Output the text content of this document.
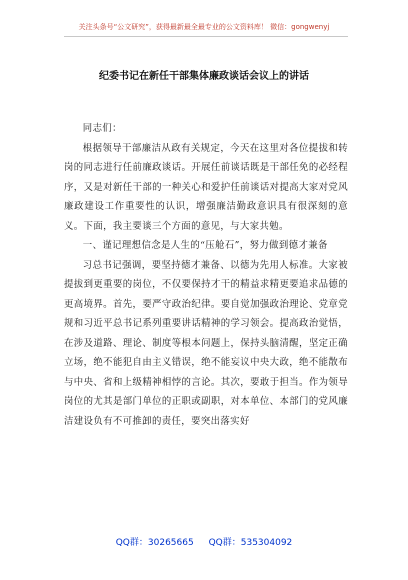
关注头条号“公文研究”，获得最新最全最专业的公文资料库！ 微信：gongwenyj
纪委书记在新任干部集体廉政谈话会议上的讲话

同志们：

根据领导干部廉洁从政有关规定，今天在这里对各位提拔和转岗的同志进行任前廉政谈话。开展任前谈话既是干部任免的必经程序，又是对新任干部的一种关心和爱护任前谈话对提高大家对党风廉政建设工作重要性的认识，增强廉洁勤政意识具有很深刻的意义。下面，我主要谈三个方面的意见，与大家共勉。

一、谨记理想信念是人生的“压舱石”，努力做到德才兼备

习总书记强调，要坚持德才兼备、以德为先用人标准。大家被提拔到更重要的岗位，不仅要保持才干的精益求精更要追求品德的更高境界。首先，要严守政治纪律。要自觉加强政治理论、党章党规和习近平总书记系列重要讲话精神的学习领会。提高政治觉悟，在涉及道路、理论、制度等根本问题上，保持头脑清醒，坚定正确立场，绝不能犯自由主义错误，绝不能妄议中央大政，绝不能散布与中央、省和上级精神相悖的言论。其次，要敢于担当。作为领导岗位的尤其是部门单位的正职或副职，对本单位、本部门的党风廉洁建设负有不可推卸的责任，要突出落实好

QQ群：30265665 QQ群：535304092
